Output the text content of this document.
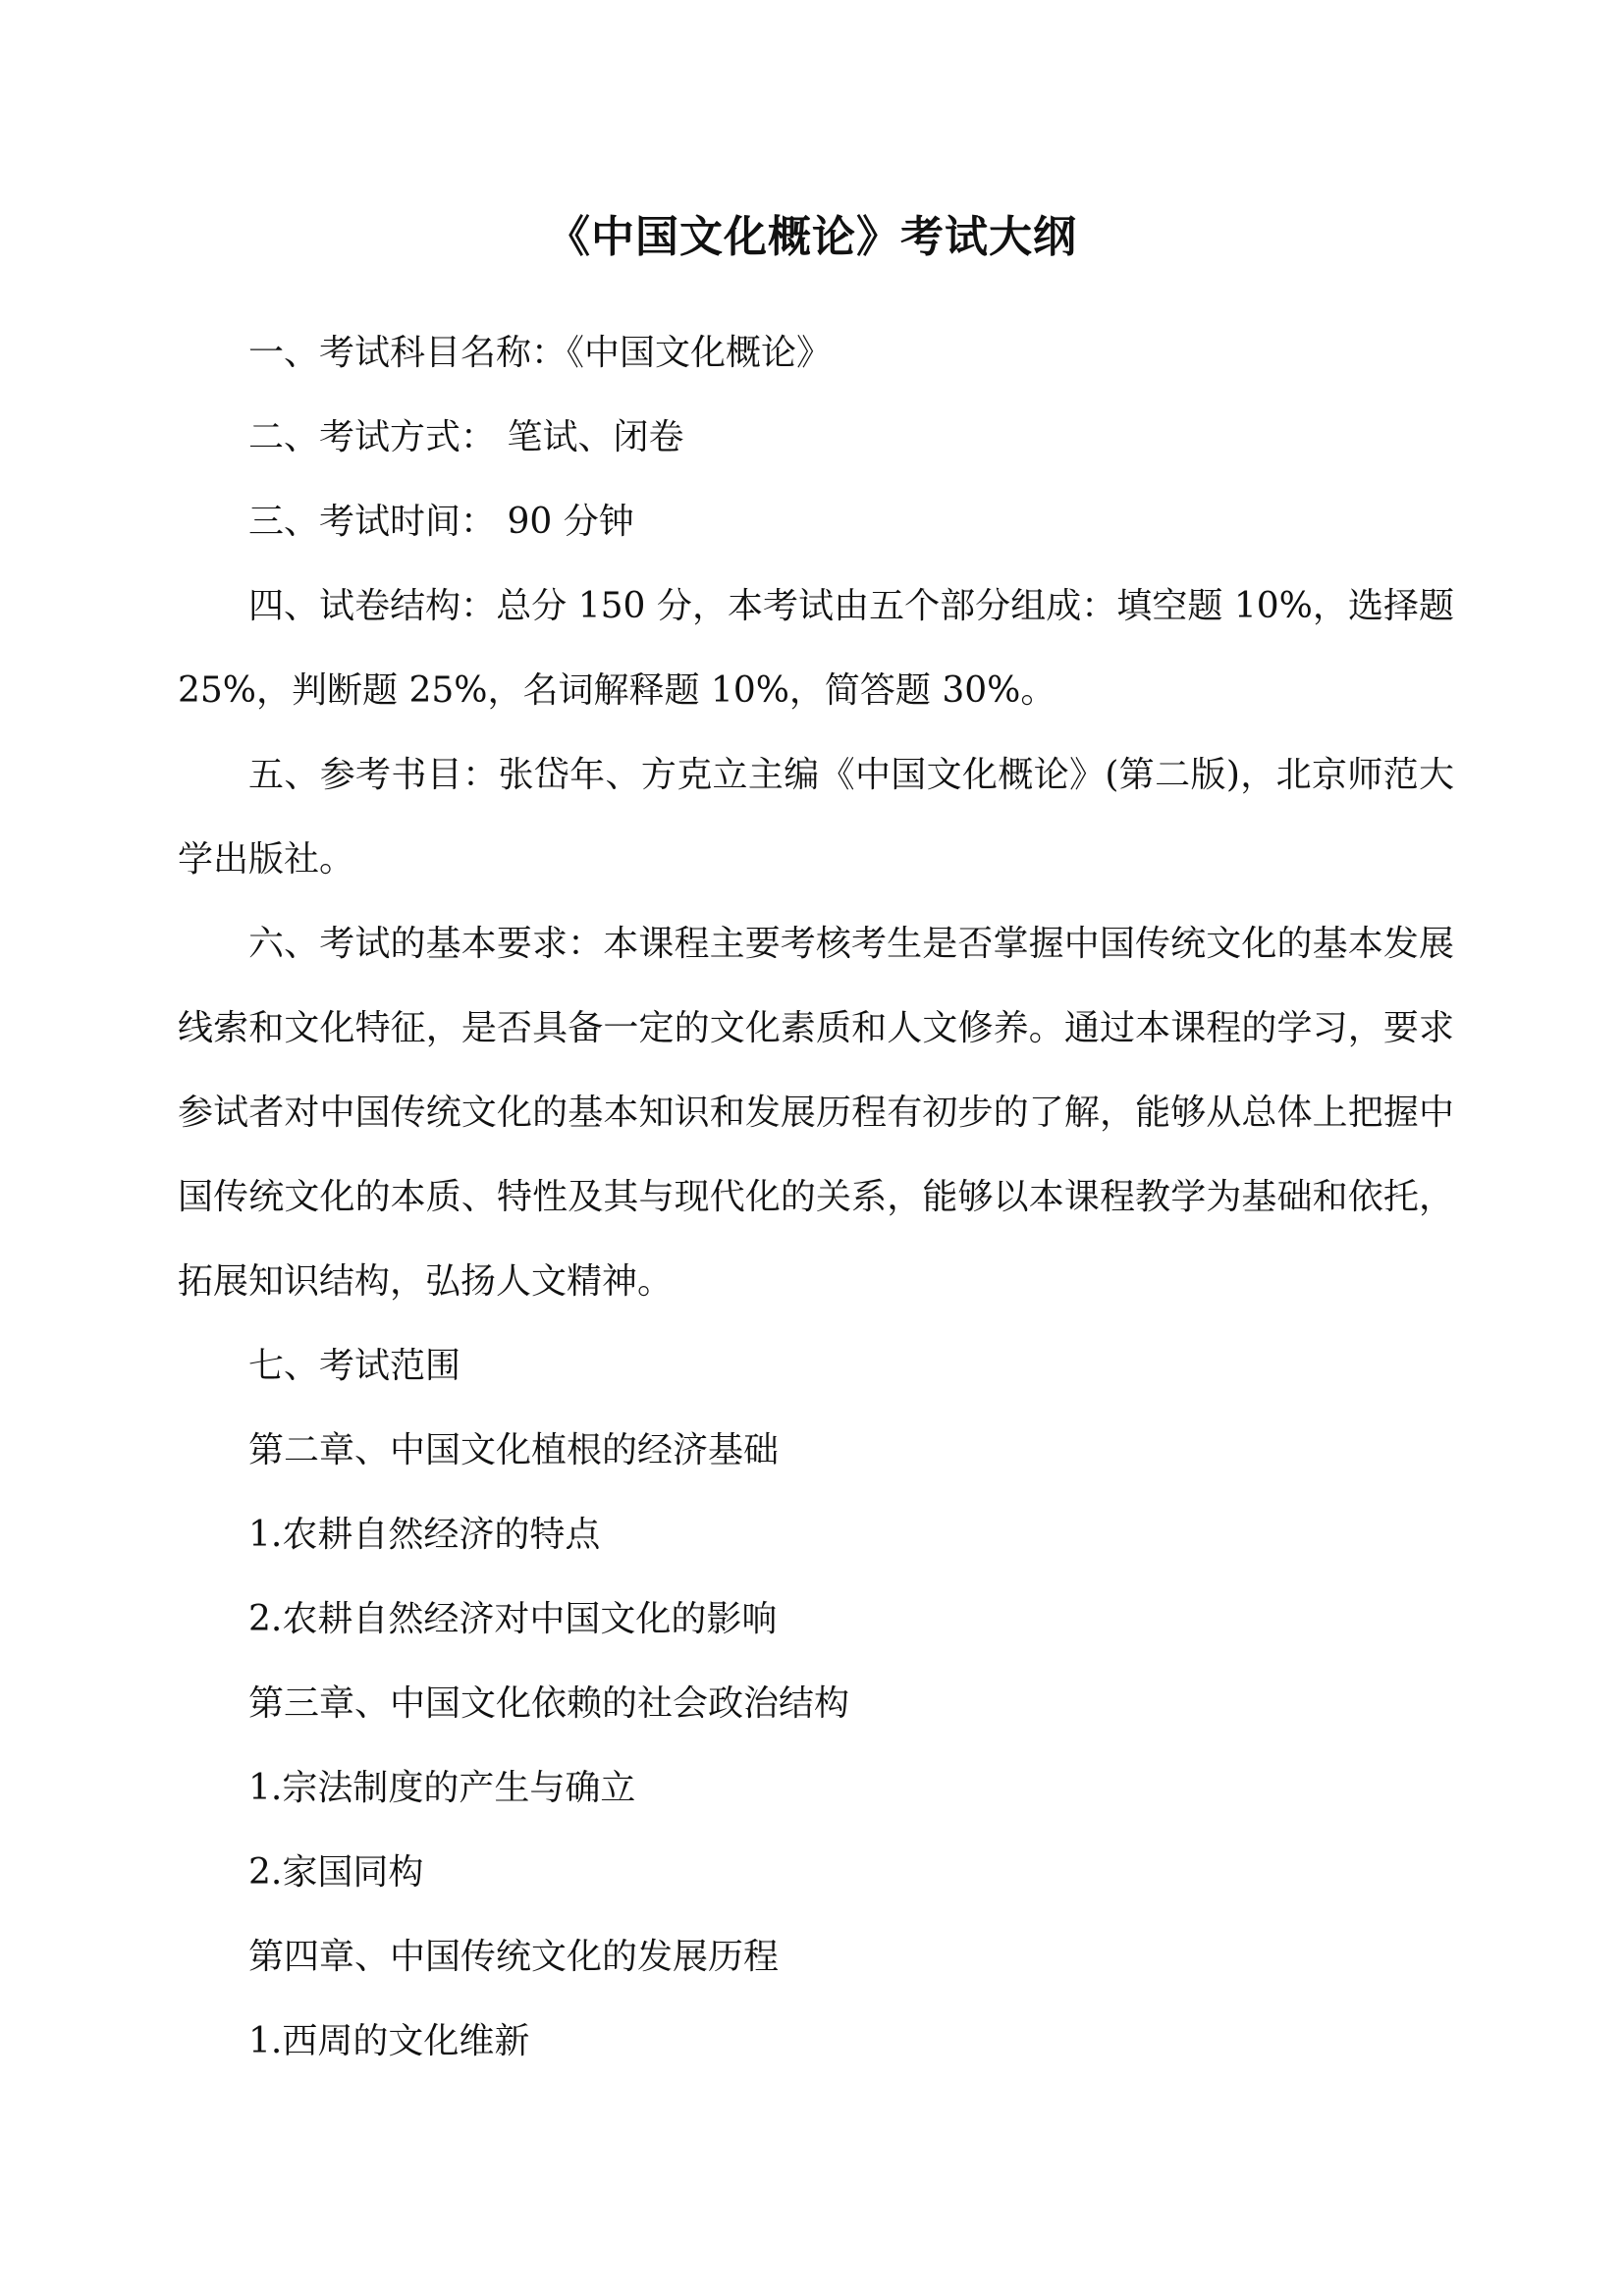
《中国文化概论》考试大纲

一、考试科目名称：《中国文化概论》

二、考试方式： 笔试、闭卷

三、考试时间： 90 分钟

四、试卷结构：总分 150 分，本考试由五个部分组成：填空题 10%，选择题 25%，判断题 25%，名词解释题 10%，简答题 30%。

五、参考书目：张岱年、方克立主编《中国文化概论》(第二版)，北京师范大学出版社。

六、考试的基本要求：本课程主要考核考生是否掌握中国传统文化的基本发展线索和文化特征，是否具备一定的文化素质和人文修养。通过本课程的学习，要求参试者对中国传统文化的基本知识和发展历程有初步的了解，能够从总体上把握中国传统文化的本质、特性及其与现代化的关系，能够以本课程教学为基础和依托，拓展知识结构，弘扬人文精神。

七、考试范围

第二章、中国文化植根的经济基础

1.农耕自然经济的特点

2.农耕自然经济对中国文化的影响

第三章、中国文化依赖的社会政治结构

1.宗法制度的产生与确立

2.家国同构

第四章、中国传统文化的发展历程

1.西周的文化维新
